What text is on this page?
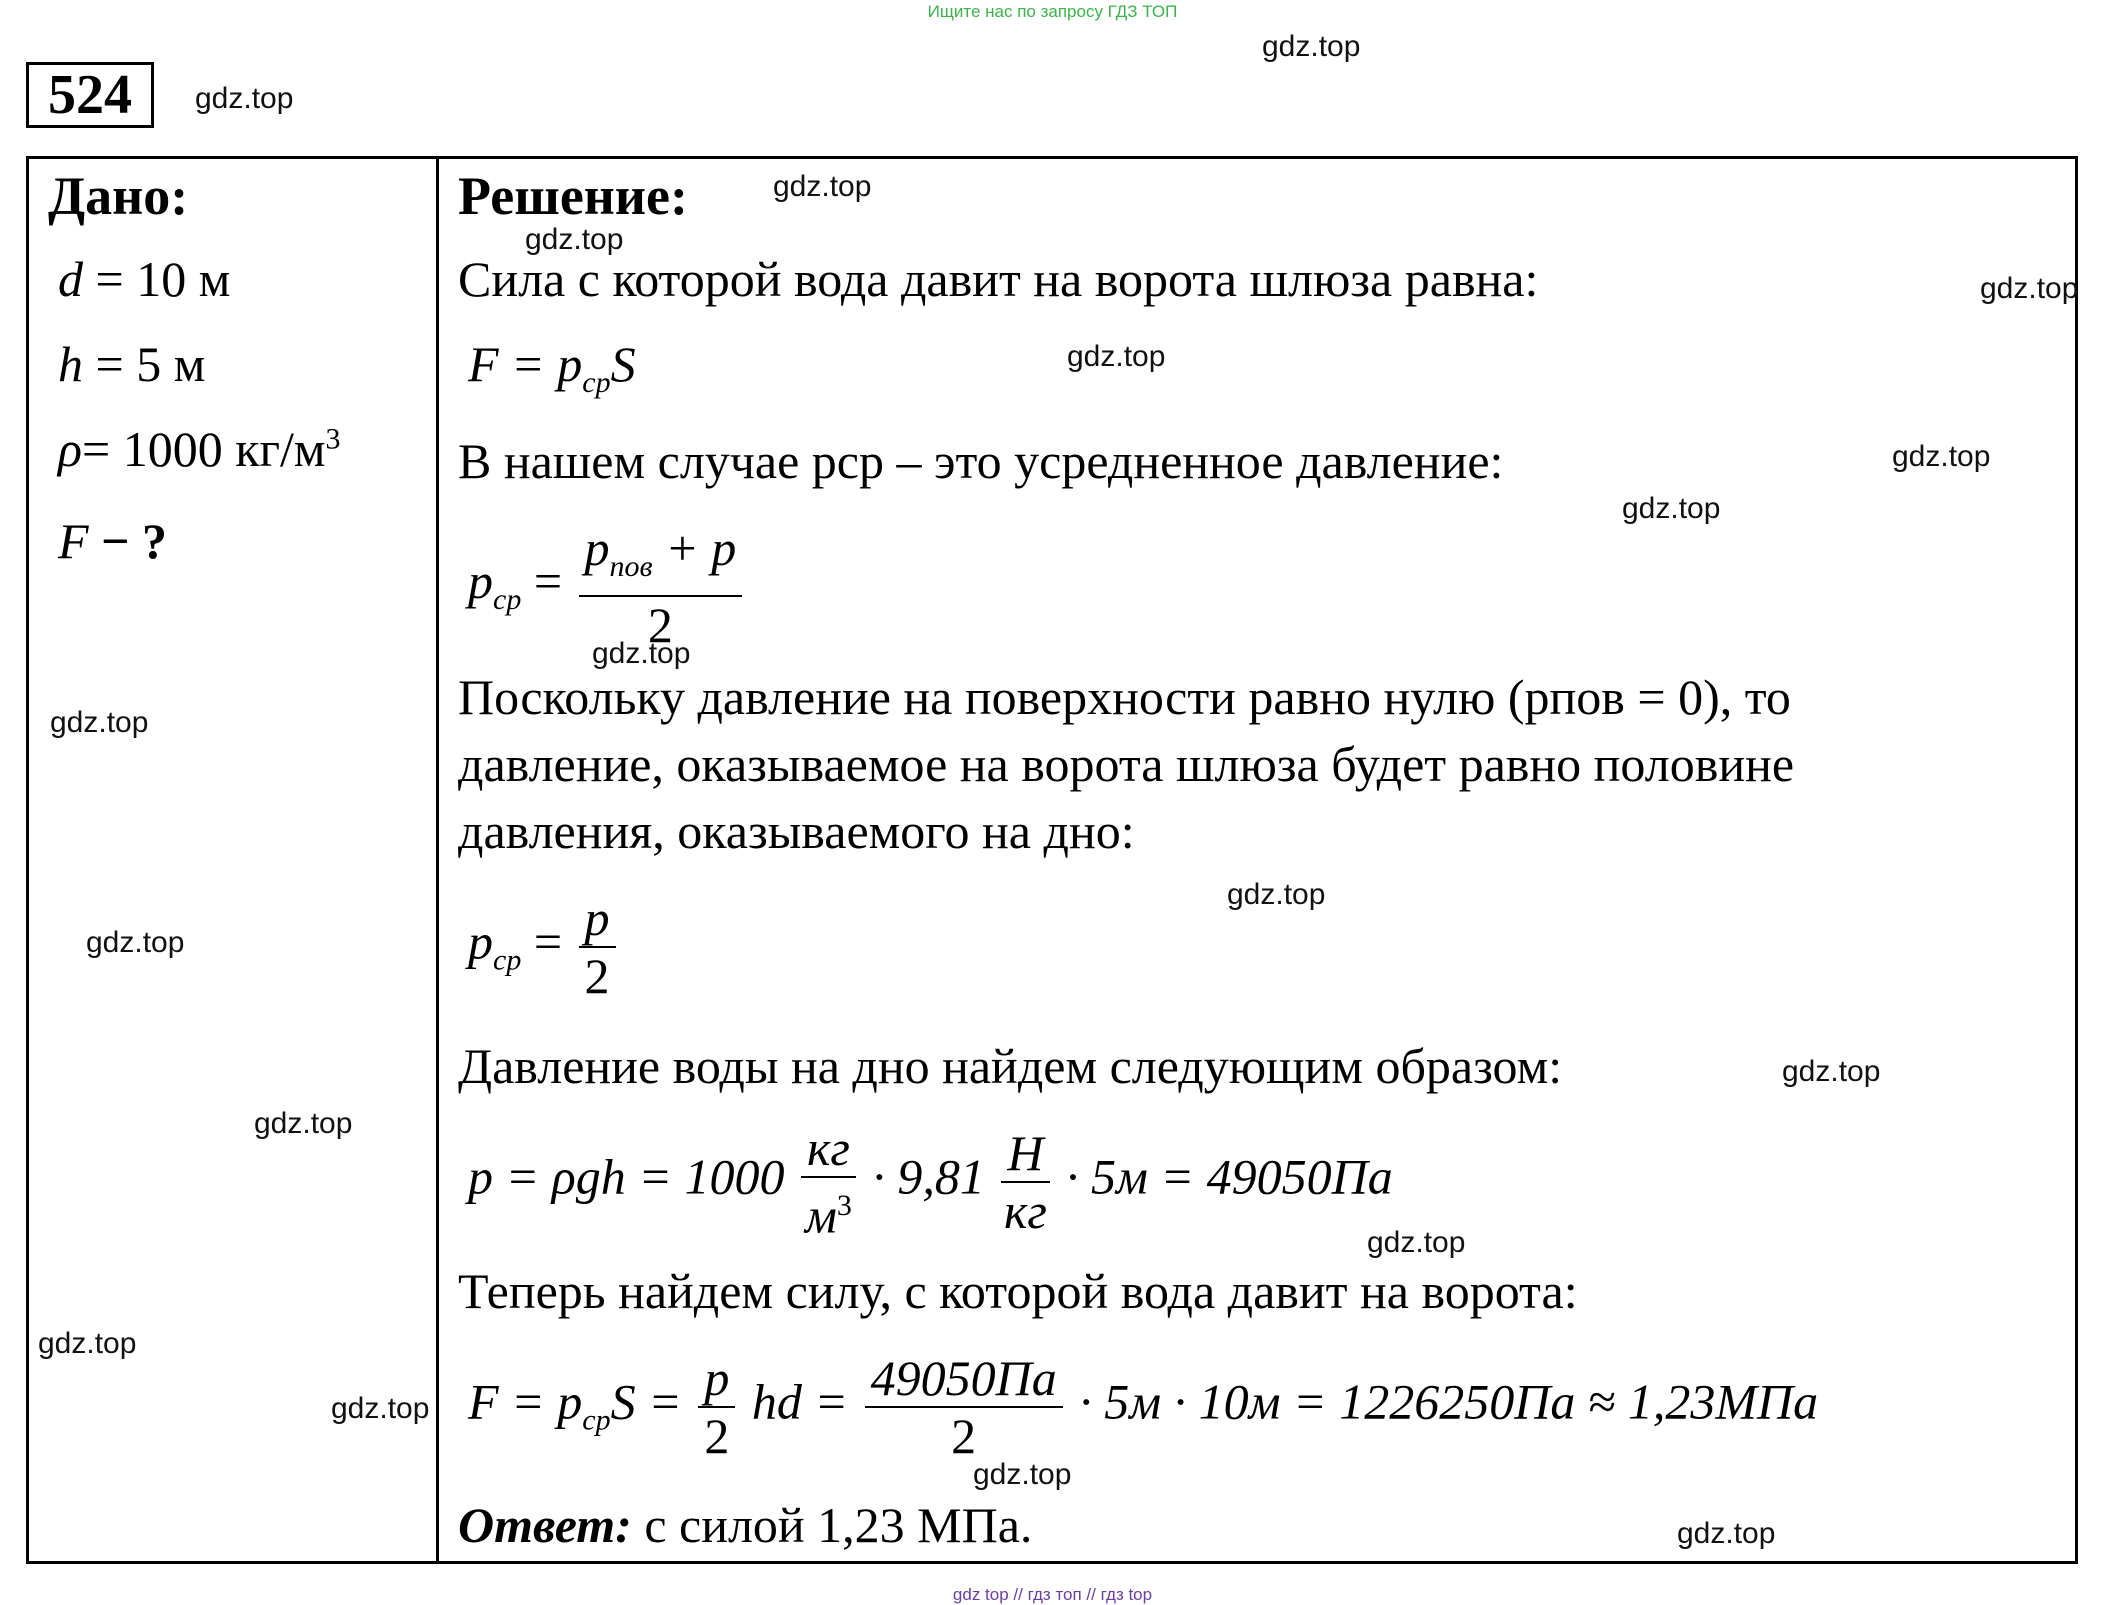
Ищите нас по запросу ГДЗ ТОП
524
Дано:
d = 10 м
h = 5 м
ρ= 1000 $кг/м^3$
F − ?
Решение:
Сила с которой вода давит на ворота шлюза равна:
$F = p_{ср}S$
В нашем случае pср – это усредненное давление:
$p_{ср} = \frac{p_{пов} + p}{2}$
Поскольку давление на поверхности равно нулю (pпов = 0), то
давление, оказываемое на ворота шлюза будет равно половине
давления, оказываемого на дно:
$p_{ср} = \frac{p}{2}$
Давление воды на дно найдем следующим образом:
$p = \rho gh = 1000 \frac{кг}{м^3} \cdot 9,81 \frac{Н}{кг} \cdot 5м = 49050Па$
Теперь найдем силу, с которой вода давит на ворота:
$F = p_{ср}S = \frac{p}{2}$ hd = $\frac{49050Па}{2} \cdot 5м \cdot 10м = 1226250Па \approx 1,23МПа$
Ответ: с силой 1,23 МПа.
gdz.top
gdz.top
gdz.top
gdz.top
gdz.top
gdz.top
gdz.top
gdz.top
gdz.top
gdz.top
gdz.top
gdz.top
gdz.top
gdz.top
gdz.top
gdz.top
gdz.top
gdz.top
gdz.top
gdz top // гдз топ // гдз top
